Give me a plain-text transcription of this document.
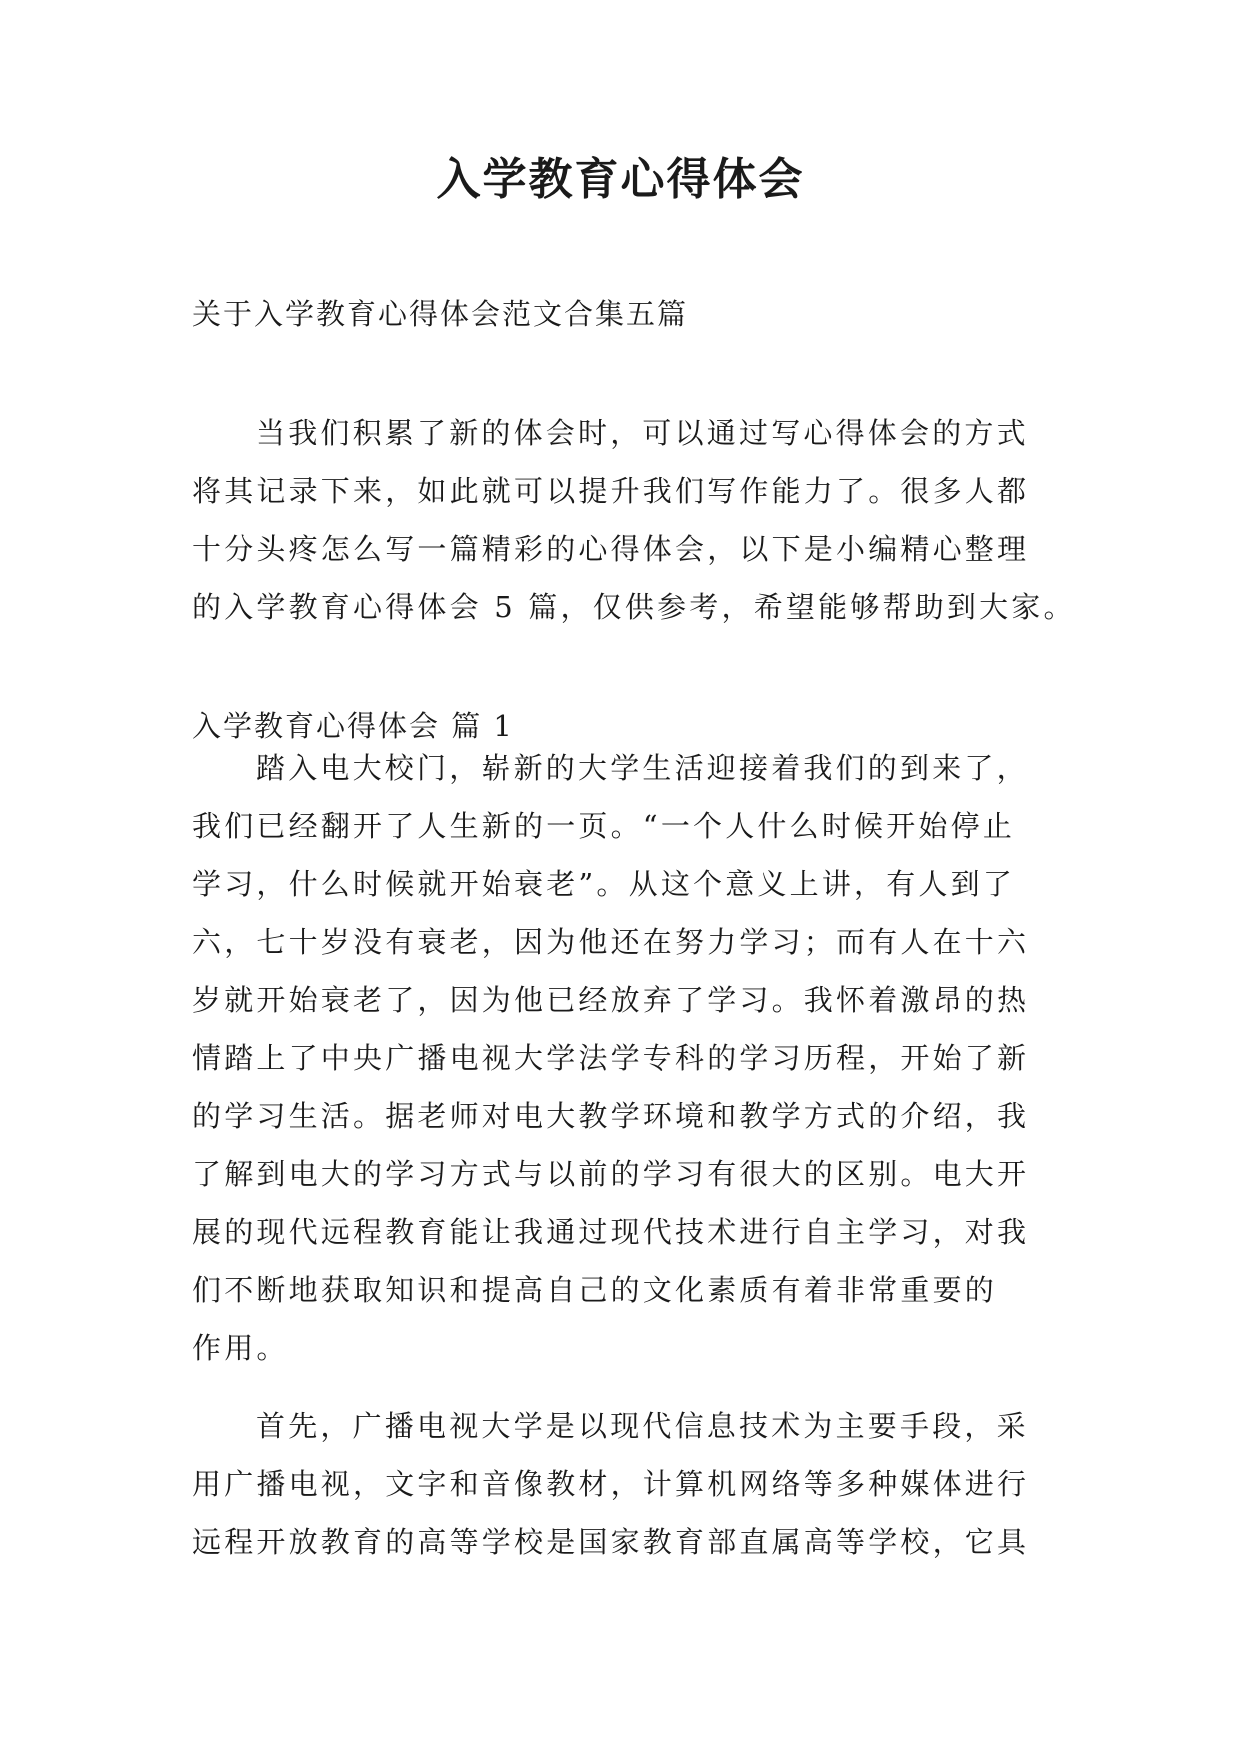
入学教育心得体会
关于入学教育心得体会范文合集五篇
当我们积累了新的体会时，可以通过写心得体会的方式
将其记录下来，如此就可以提升我们写作能力了。很多人都
十分头疼怎么写一篇精彩的心得体会，以下是小编精心整理
的入学教育心得体会 5 篇，仅供参考，希望能够帮助到大家。
入学教育心得体会 篇 1
踏入电大校门，崭新的大学生活迎接着我们的到来了，
我们已经翻开了人生新的一页。“一个人什么时候开始停止
学习，什么时候就开始衰老”。从这个意义上讲，有人到了
六，七十岁没有衰老，因为他还在努力学习；而有人在十六
岁就开始衰老了，因为他已经放弃了学习。我怀着激昂的热
情踏上了中央广播电视大学法学专科的学习历程，开始了新
的学习生活。据老师对电大教学环境和教学方式的介绍，我
了解到电大的学习方式与以前的学习有很大的区别。电大开
展的现代远程教育能让我通过现代技术进行自主学习，对我
们不断地获取知识和提高自己的文化素质有着非常重要的
作用。
首先，广播电视大学是以现代信息技术为主要手段，采
用广播电视，文字和音像教材，计算机网络等多种媒体进行
远程开放教育的高等学校是国家教育部直属高等学校，它具
